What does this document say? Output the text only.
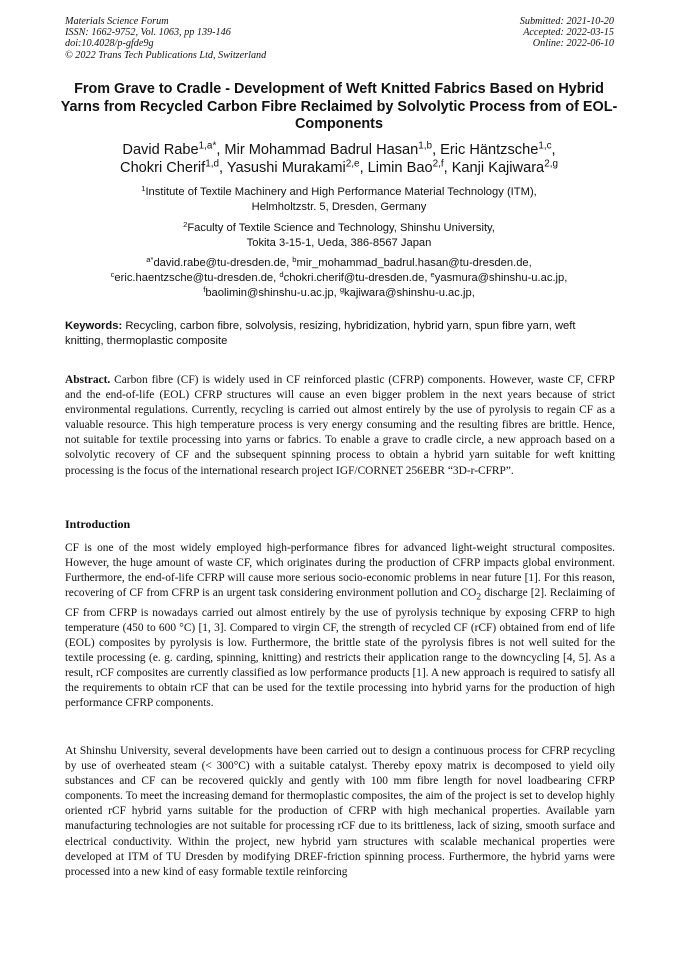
Materials Science Forum
ISSN: 1662-9752, Vol. 1063, pp 139-146
doi:10.4028/p-gfde9g
© 2022 Trans Tech Publications Ltd, Switzerland
Submitted: 2021-10-20
Accepted: 2022-03-15
Online: 2022-06-10
From Grave to Cradle - Development of Weft Knitted Fabrics Based on Hybrid Yarns from Recycled Carbon Fibre Reclaimed by Solvolytic Process from of EOL-Components
David Rabe$^{1,a*}$, Mir Mohammad Badrul Hasan$^{1,b}$, Eric Häntzsche$^{1,c}$,
Chokri Cherif$^{1,d}$, Yasushi Murakami$^{2,e}$, Limin Bao$^{2,f}$, Kanji Kajiwara$^{2,g}$
$^1$Institute of Textile Machinery and High Performance Material Technology (ITM),
Helmholtzstr. 5, Dresden, Germany
$^2$Faculty of Textile Science and Technology, Shinshu University,
Tokita 3-15-1, Ueda, 386-8567 Japan
$^{a*}$david.rabe@tu-dresden.de, $^b$mir_mohammad_badrul.hasan@tu-dresden.de,
$^c$eric.haentzsche@tu-dresden.de, $^d$chokri.cherif@tu-dresden.de, $^e$yasmura@shinshu-u.ac.jp,
$^f$baolimin@shinshu-u.ac.jp, $^g$kajiwara@shinshu-u.ac.jp,
Keywords: Recycling, carbon fibre, solvolysis, resizing, hybridization, hybrid yarn, spun fibre yarn, weft knitting, thermoplastic composite
Abstract. Carbon fibre (CF) is widely used in CF reinforced plastic (CFRP) components. However, waste CF, CFRP and the end-of-life (EOL) CFRP structures will cause an even bigger problem in the next years because of strict environmental regulations. Currently, recycling is carried out almost entirely by the use of pyrolysis to regain CF as a valuable resource. This high temperature process is very energy consuming and the resulting fibres are brittle. Hence, not suitable for textile processing into yarns or fabrics. To enable a grave to cradle circle, a new approach based on a solvolytic recovery of CF and the subsequent spinning process to obtain a hybrid yarn suitable for weft knitting processing is the focus of the international research project IGF/CORNET 256EBR “3D-r-CFRP”.
Introduction
CF is one of the most widely employed high-performance fibres for advanced light-weight structural composites. However, the huge amount of waste CF, which originates during the production of CFRP impacts global environment. Furthermore, the end-of-life CFRP will cause more serious socio-economic problems in near future [1]. For this reason, recovering of CF from CFRP is an urgent task considering environment pollution and $CO_2$ discharge [2]. Reclaiming of CF from CFRP is nowadays carried out almost entirely by the use of pyrolysis technique by exposing CFRP to high temperature (450 to 600 °C) [1, 3]. Compared to virgin CF, the strength of recycled CF (rCF) obtained from end of life (EOL) composites by pyrolysis is low. Furthermore, the brittle state of the pyrolysis fibres is not well suited for the textile processing (e. g. carding, spinning, knitting) and restricts their application range to the downcycling [4, 5]. As a result, rCF composites are currently classified as low performance products [1]. A new approach is required to satisfy all the requirements to obtain rCF that can be used for the textile processing into hybrid yarns for the production of high performance CFRP components.
At Shinshu University, several developments have been carried out to design a continuous process for CFRP recycling by use of overheated steam (< 300°C) with a suitable catalyst. Thereby epoxy matrix is decomposed to yield oily substances and CF can be recovered quickly and gently with 100 mm fibre length for novel loadbearing CFRP components. To meet the increasing demand for thermoplastic composites, the aim of the project is set to develop highly oriented rCF hybrid yarns suitable for the production of CFRP with high mechanical properties. Available yarn manufacturing technologies are not suitable for processing rCF due to its brittleness, lack of sizing, smooth surface and electrical conductivity. Within the project, new hybrid yarn structures with scalable mechanical properties were developed at ITM of TU Dresden by modifying DREF-friction spinning process. Furthermore, the hybrid yarns were processed into a new kind of easy formable textile reinforcing
